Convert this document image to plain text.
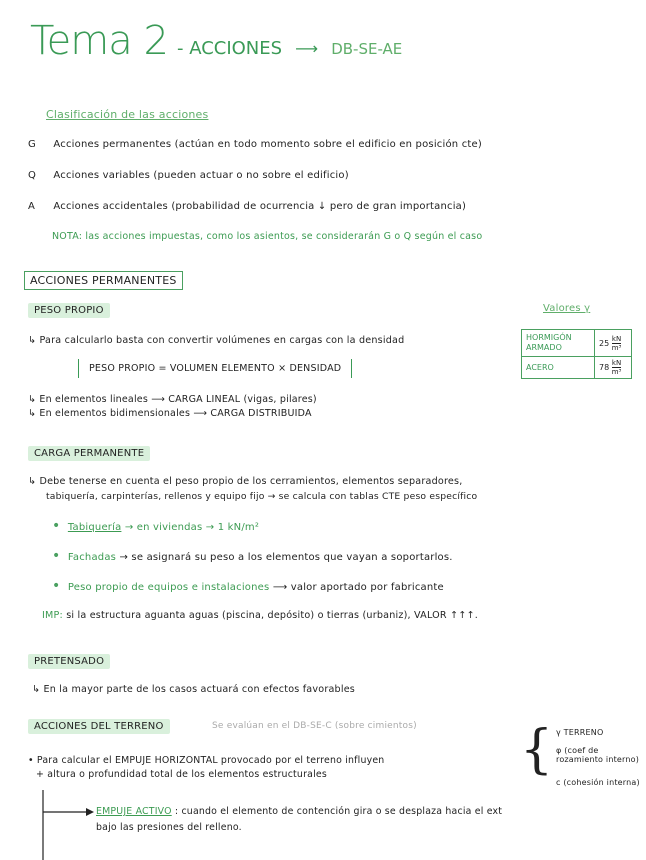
Tema 2 - ACCIONES ⟶ DB-SE-AE
Clasificación de las acciones
G Acciones permanentes (actúan en todo momento sobre el edificio en posición cte)
Q Acciones variables (pueden actuar o no sobre el edificio)
A Acciones accidentales (probabilidad de ocurrencia ↓ pero de gran importancia)
NOTA: las acciones impuestas, como los asientos, se considerarán G o Q según el caso
ACCIONES PERMANENTES
PESO PROPIO	Valores γ
↳ Para calcularlo basta con convertir volúmenes en cargas con la densidad
PESO PROPIO = VOLUMEN ELEMENTO × DENSIDAD
↳ En elementos lineales ⟶ CARGA LINEAL (vigas, pilares)
↳ En elementos bidimensionales ⟶ CARGA DISTRIBUIDA
HORMIGÓN ARMADO	$25 \frac{kN}{\text{m³}}$

ACERO	$78 \frac{kN}{\text{m³}}$
CARGA PERMANENTE
↳ Debe tenerse en cuenta el peso propio de los cerramientos, elementos separadores,
tabiquería, carpinterías, rellenos y equipo fijo → se calcula con tablas CTE peso específico
• Tabiquería → en viviendas → 1 kN/m²
• Fachadas → se asignará su peso a los elementos que vayan a soportarlos.
• Peso propio de equipos e instalaciones ⟶ valor aportado por fabricante
IMP: si la estructura aguanta aguas (piscina, depósito) o tierras (urbaniz), VALOR ↑↑↑.
PRETENSADO
↳ En la mayor parte de los casos actuará con efectos favorables
ACCIONES DEL TERRENO	Se evalúan en el DB-SE-C (sobre cimientos)
• Para calcular el EMPUJE HORIZONTAL provocado por el terreno influyen
+ altura o profundidad total de los elementos estructurales	{ γ TERRENO
φ (coef de rozamiento interno)
c (cohesión interna)
EMPUJE ACTIVO : cuando el elemento de contención gira o se desplaza hacia el ext
bajo las presiones del relleno.
